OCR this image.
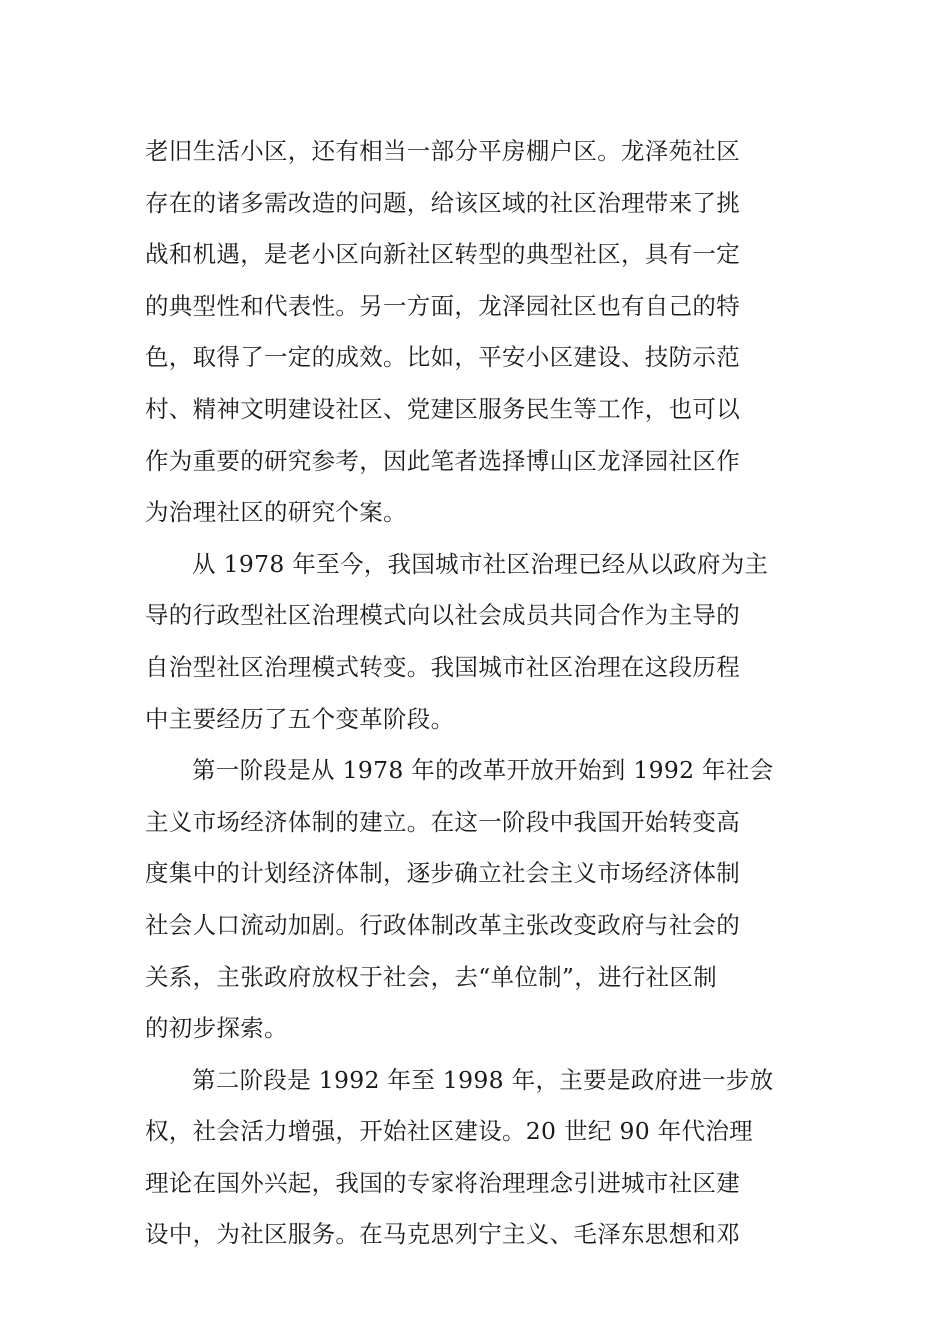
老旧生活小区，还有相当一部分平房棚户区。龙泽苑社区
存在的诸多需改造的问题，给该区域的社区治理带来了挑
战和机遇，是老小区向新社区转型的典型社区，具有一定
的典型性和代表性。另一方面，龙泽园社区也有自己的特
色，取得了一定的成效。比如，平安小区建设、技防示范
村、精神文明建设社区、党建区服务民生等工作，也可以
作为重要的研究参考，因此笔者选择博山区龙泽园社区作
为治理社区的研究个案。
从 1978 年至今，我国城市社区治理已经从以政府为主
导的行政型社区治理模式向以社会成员共同合作为主导的
自治型社区治理模式转变。我国城市社区治理在这段历程
中主要经历了五个变革阶段。
第一阶段是从 1978 年的改革开放开始到 1992 年社会
主义市场经济体制的建立。在这一阶段中我国开始转变高
度集中的计划经济体制，逐步确立社会主义市场经济体制
社会人口流动加剧。行政体制改革主张改变政府与社会的
关系，主张政府放权于社会，去“单位制”，进行社区制
的初步探索。
第二阶段是 1992 年至 1998 年，主要是政府进一步放
权，社会活力增强，开始社区建设。20 世纪 90 年代治理
理论在国外兴起，我国的专家将治理理念引进城市社区建
设中，为社区服务。在马克思列宁主义、毛泽东思想和邓
